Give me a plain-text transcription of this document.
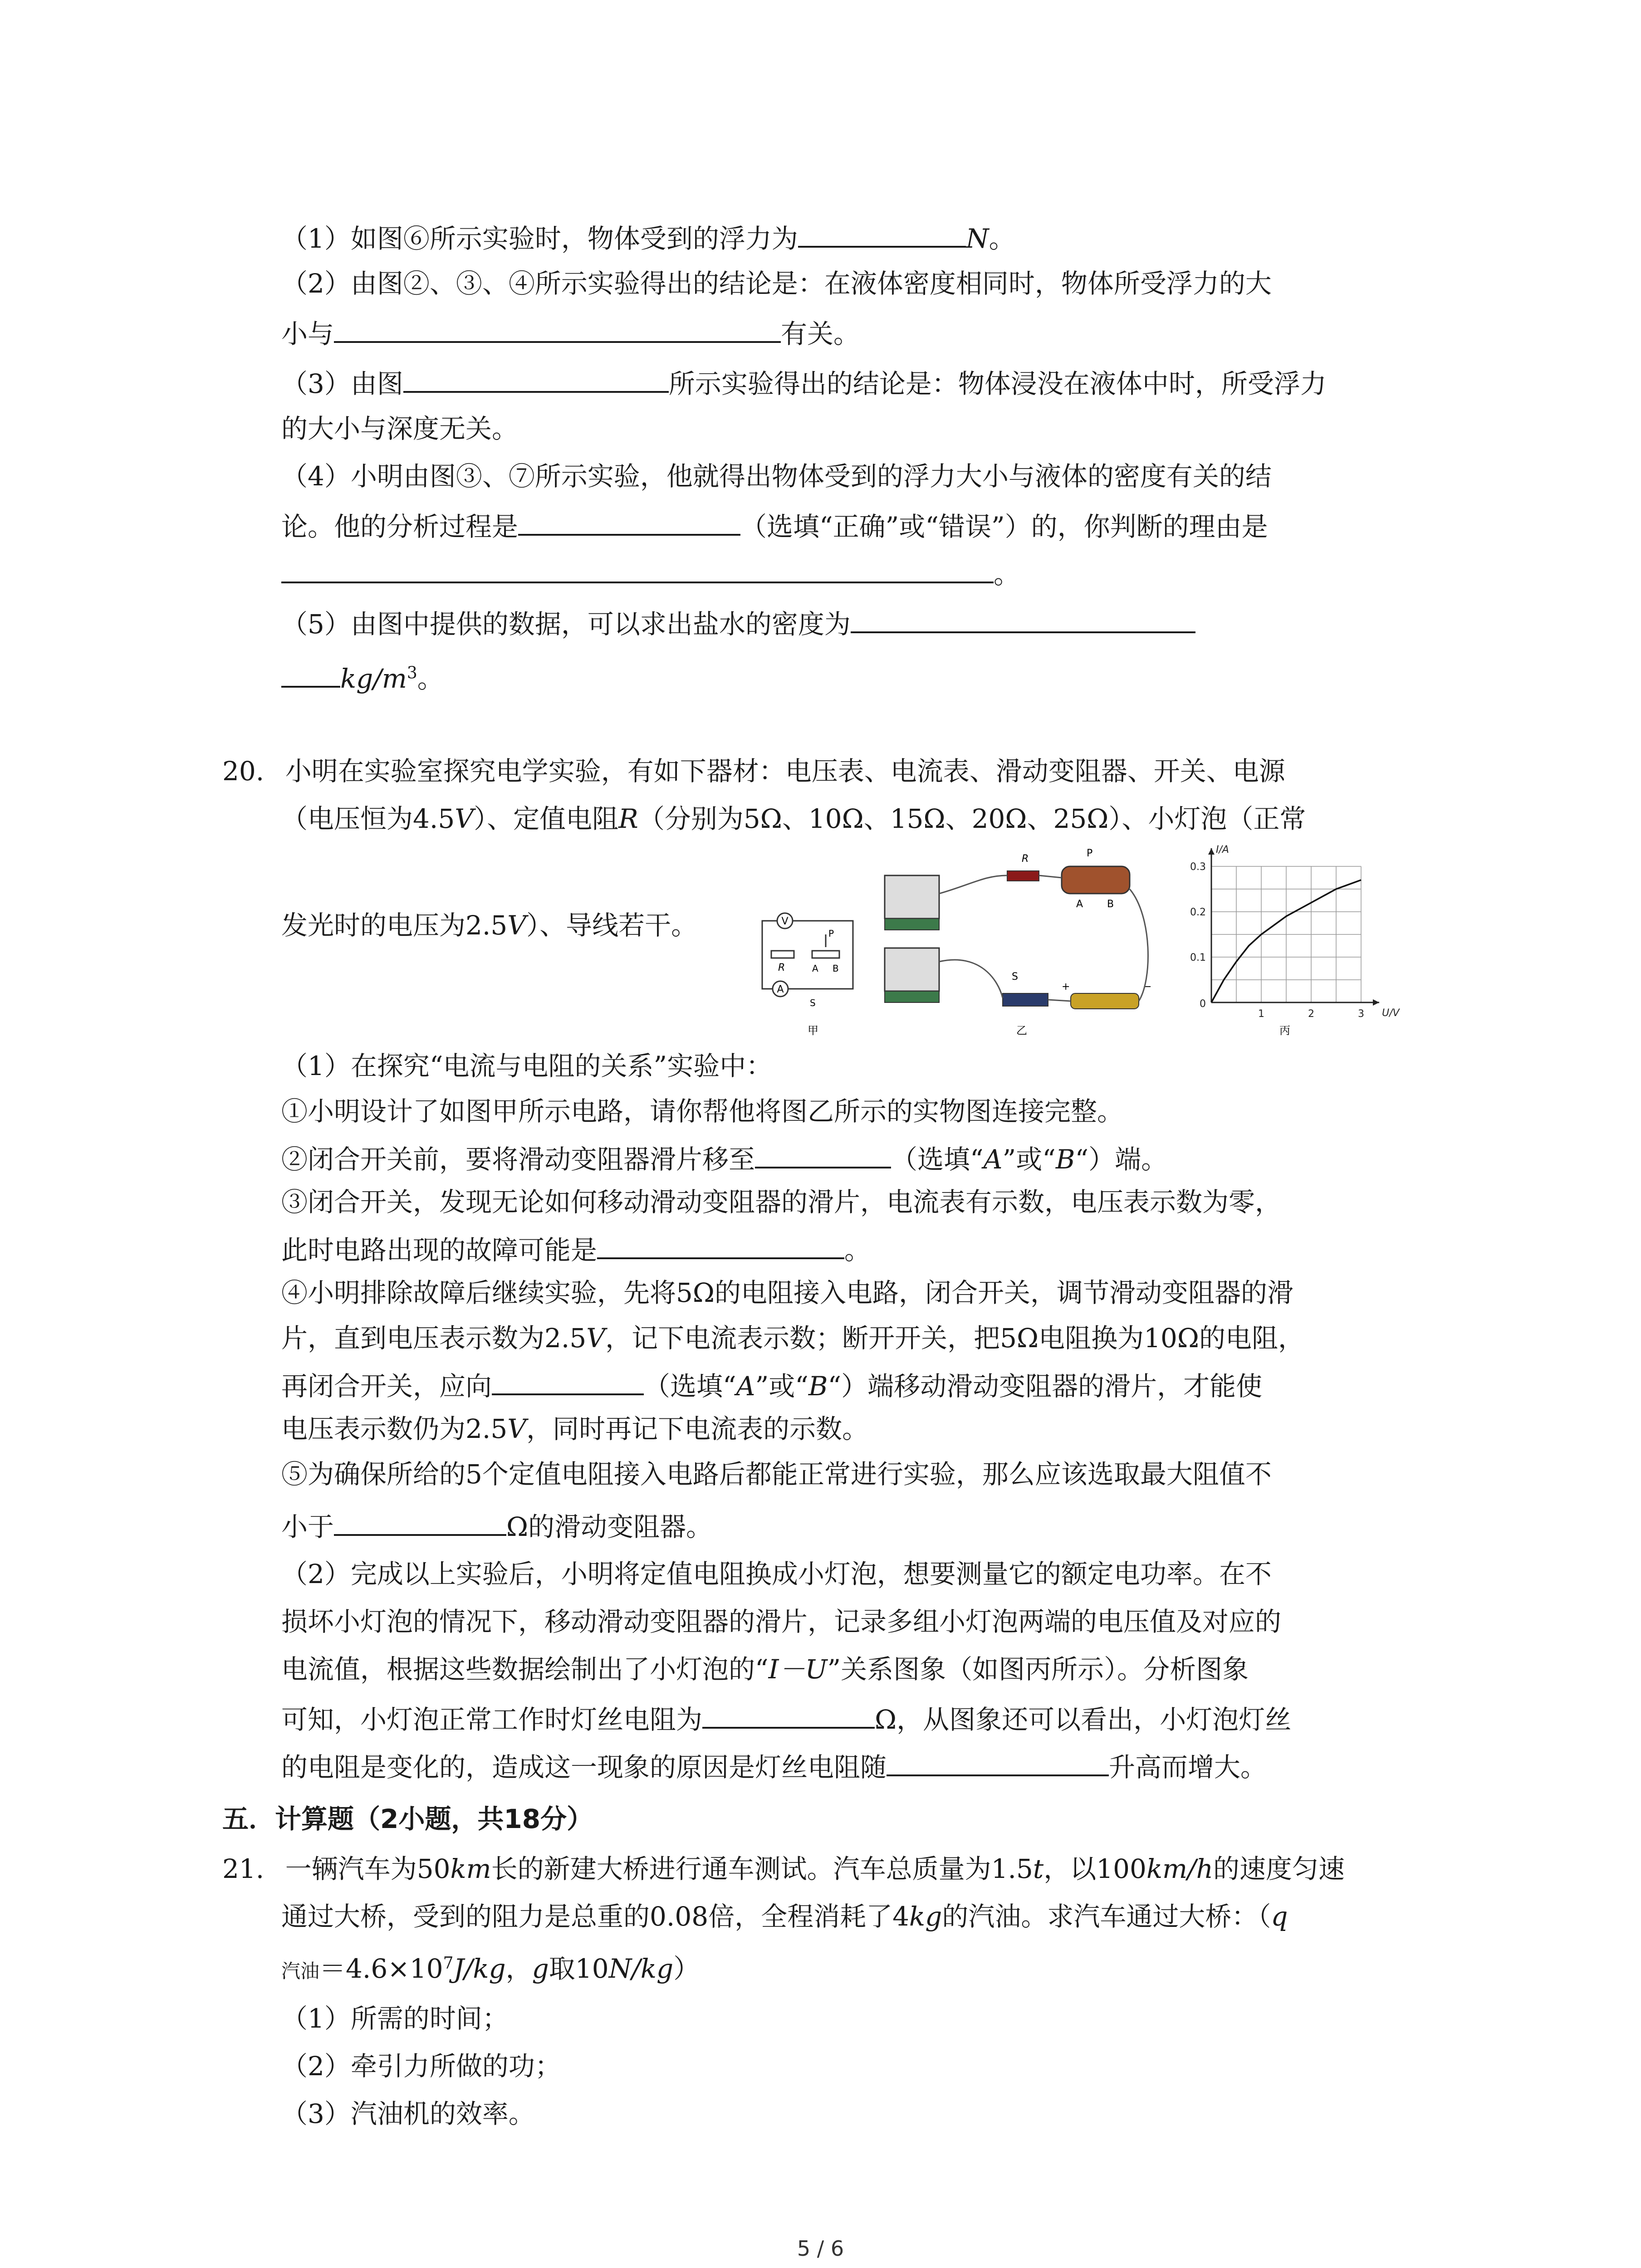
（1）如图⑥所示实验时，物体受到的浮力为	N。
（2）由图②、③、④所示实验得出的结论是：在液体密度相同时，物体所受浮力的大
小与	有关。
（3）由图	所示实验得出的结论是：物体浸没在液体中时，所受浮力
的大小与深度无关。
（4）小明由图③、⑦所示实验，他就得出物体受到的浮力大小与液体的密度有关的结
论。他的分析过程是	（选填“正确”或“错误”）的，你判断的理由是
。
（5）由图中提供的数据，可以求出盐水的密度为
$kg/m^3$。
20. 小明在实验室探究电学实验，有如下器材：电压表、电流表、滑动变阻器、开关、电源
（电压恒为4.5V）、定值电阻R（分别为5Ω、10Ω、15Ω、20Ω、25Ω）、小灯泡（正常
发光时的电压为2.5V）、导线若干。	V
R
P
A B
A
S
甲
R	P
A B
S
+	−
乙
1	2	3
0.1
0.2
0.3
0
U/V
I/A
丙
（1）在探究“电流与电阻的关系”实验中：
①小明设计了如图甲所示电路，请你帮他将图乙所示的实物图连接完整。
②闭合开关前，要将滑动变阻器滑片移至	（选填“A”或“B“）端。
③闭合开关，发现无论如何移动滑动变阻器的滑片，电流表有示数，电压表示数为零，
此时电路出现的故障可能是	。
④小明排除故障后继续实验，先将5Ω的电阻接入电路，闭合开关，调节滑动变阻器的滑
片，直到电压表示数为2.5V，记下电流表示数；断开开关，把5Ω电阻换为10Ω的电阻，
再闭合开关，应向	（选填“A”或“B“）端移动滑动变阻器的滑片，才能使
电压表示数仍为2.5V，同时再记下电流表的示数。
⑤为确保所给的5个定值电阻接入电路后都能正常进行实验，那么应该选取最大阻值不
小于	Ω的滑动变阻器。
（2）完成以上实验后，小明将定值电阻换成小灯泡，想要测量它的额定电功率。在不
损坏小灯泡的情况下，移动滑动变阻器的滑片，记录多组小灯泡两端的电压值及对应的
电流值，根据这些数据绘制出了小灯泡的“I－U”关系图象（如图丙所示）。分析图象
可知，小灯泡正常工作时灯丝电阻为	Ω，从图象还可以看出，小灯泡灯丝
的电阻是变化的，造成这一现象的原因是灯丝电阻随	升高而增大。
五．计算题（2小题，共18分）
21. 一辆汽车为50km长的新建大桥进行通车测试。汽车总质量为1.5t，以100km/h的速度匀速
通过大桥，受到的阻力是总重的0.08倍，全程消耗了4kg的汽油。求汽车通过大桥：（q
汽油$=4.6\times 10^7J/kg$，g取10N/kg）
（1）所需的时间；
（2）牵引力所做的功；
（3）汽油机的效率。
5 / 6
